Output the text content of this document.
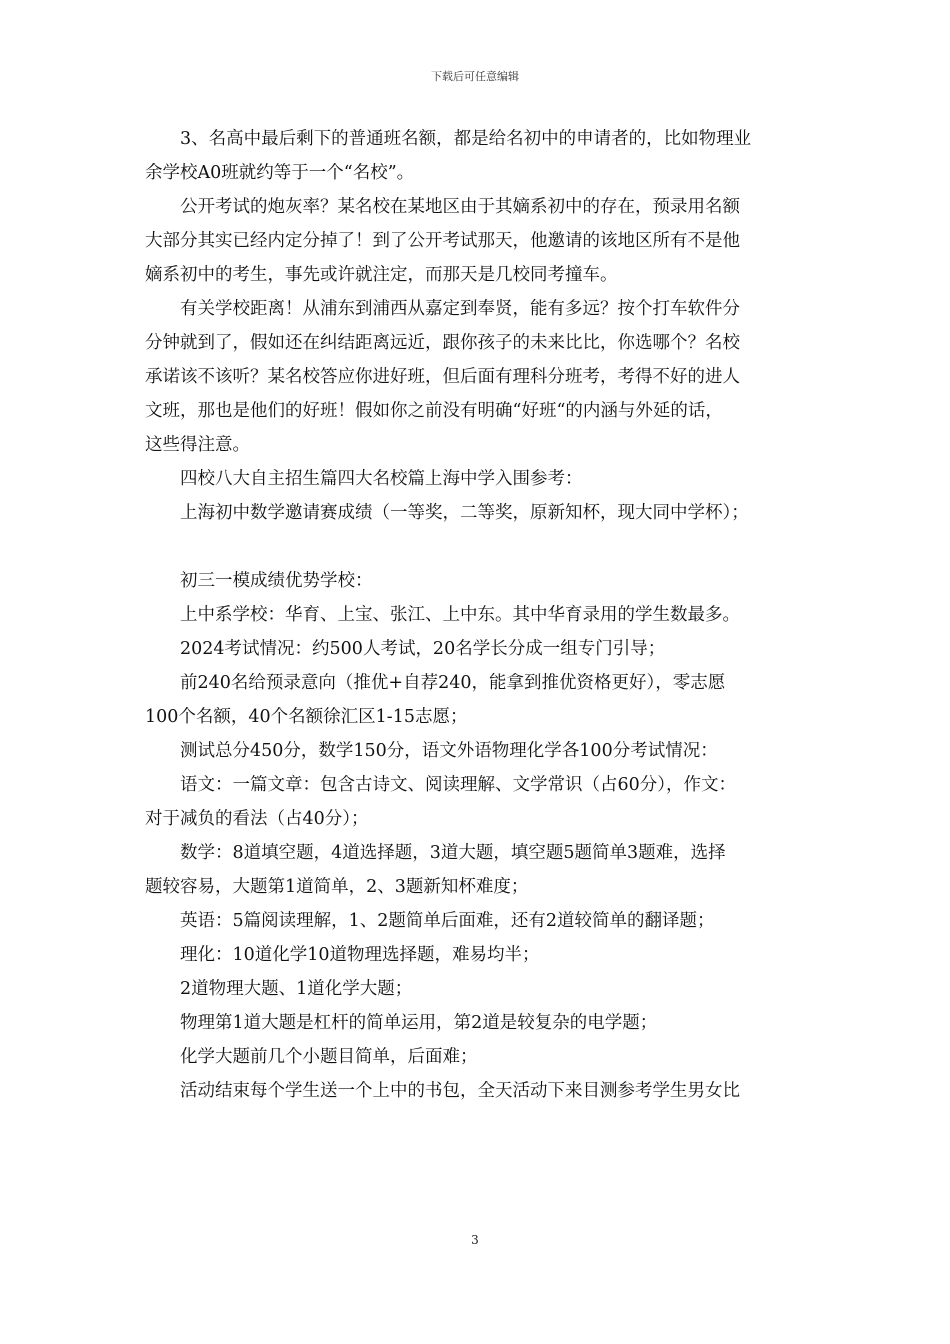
下载后可任意编辑
3、名高中最后剩下的普通班名额，都是给名初中的申请者的，比如物理业
余学校A0班就约等于一个“名校”。
公开考试的炮灰率？某名校在某地区由于其嫡系初中的存在，预录用名额
大部分其实已经内定分掉了！到了公开考试那天，他邀请的该地区所有不是他
嫡系初中的考生，事先或许就注定，而那天是几校同考撞车。
有关学校距离！从浦东到浦西从嘉定到奉贤，能有多远？按个打车软件分
分钟就到了，假如还在纠结距离远近，跟你孩子的未来比比，你选哪个？名校
承诺该不该听？某名校答应你进好班，但后面有理科分班考，考得不好的进人
文班，那也是他们的好班！假如你之前没有明确“好班“的内涵与外延的话，
这些得注意。
四校八大自主招生篇四大名校篇上海中学入围参考：
上海初中数学邀请赛成绩（一等奖，二等奖，原新知杯，现大同中学杯）；
初三一模成绩优势学校：
上中系学校：华育、上宝、张江、上中东。其中华育录用的学生数最多。
2024考试情况：约500人考试，20名学长分成一组专门引导；
前240名给预录意向（推优+自荐240，能拿到推优资格更好），零志愿
100个名额，40个名额徐汇区1-15志愿；
测试总分450分，数学150分，语文外语物理化学各100分考试情况：
语文：一篇文章：包含古诗文、阅读理解、文学常识（占60分），作文：
对于减负的看法（占40分）；
数学：8道填空题，4道选择题，3道大题，填空题5题简单3题难，选择
题较容易，大题第1道简单，2、3题新知杯难度；
英语：5篇阅读理解，1、2题简单后面难，还有2道较简单的翻译题；
理化：10道化学10道物理选择题，难易均半；
2道物理大题、1道化学大题；
物理第1道大题是杠杆的简单运用，第2道是较复杂的电学题；
化学大题前几个小题目简单，后面难；
活动结束每个学生送一个上中的书包，全天活动下来目测参考学生男女比
3
